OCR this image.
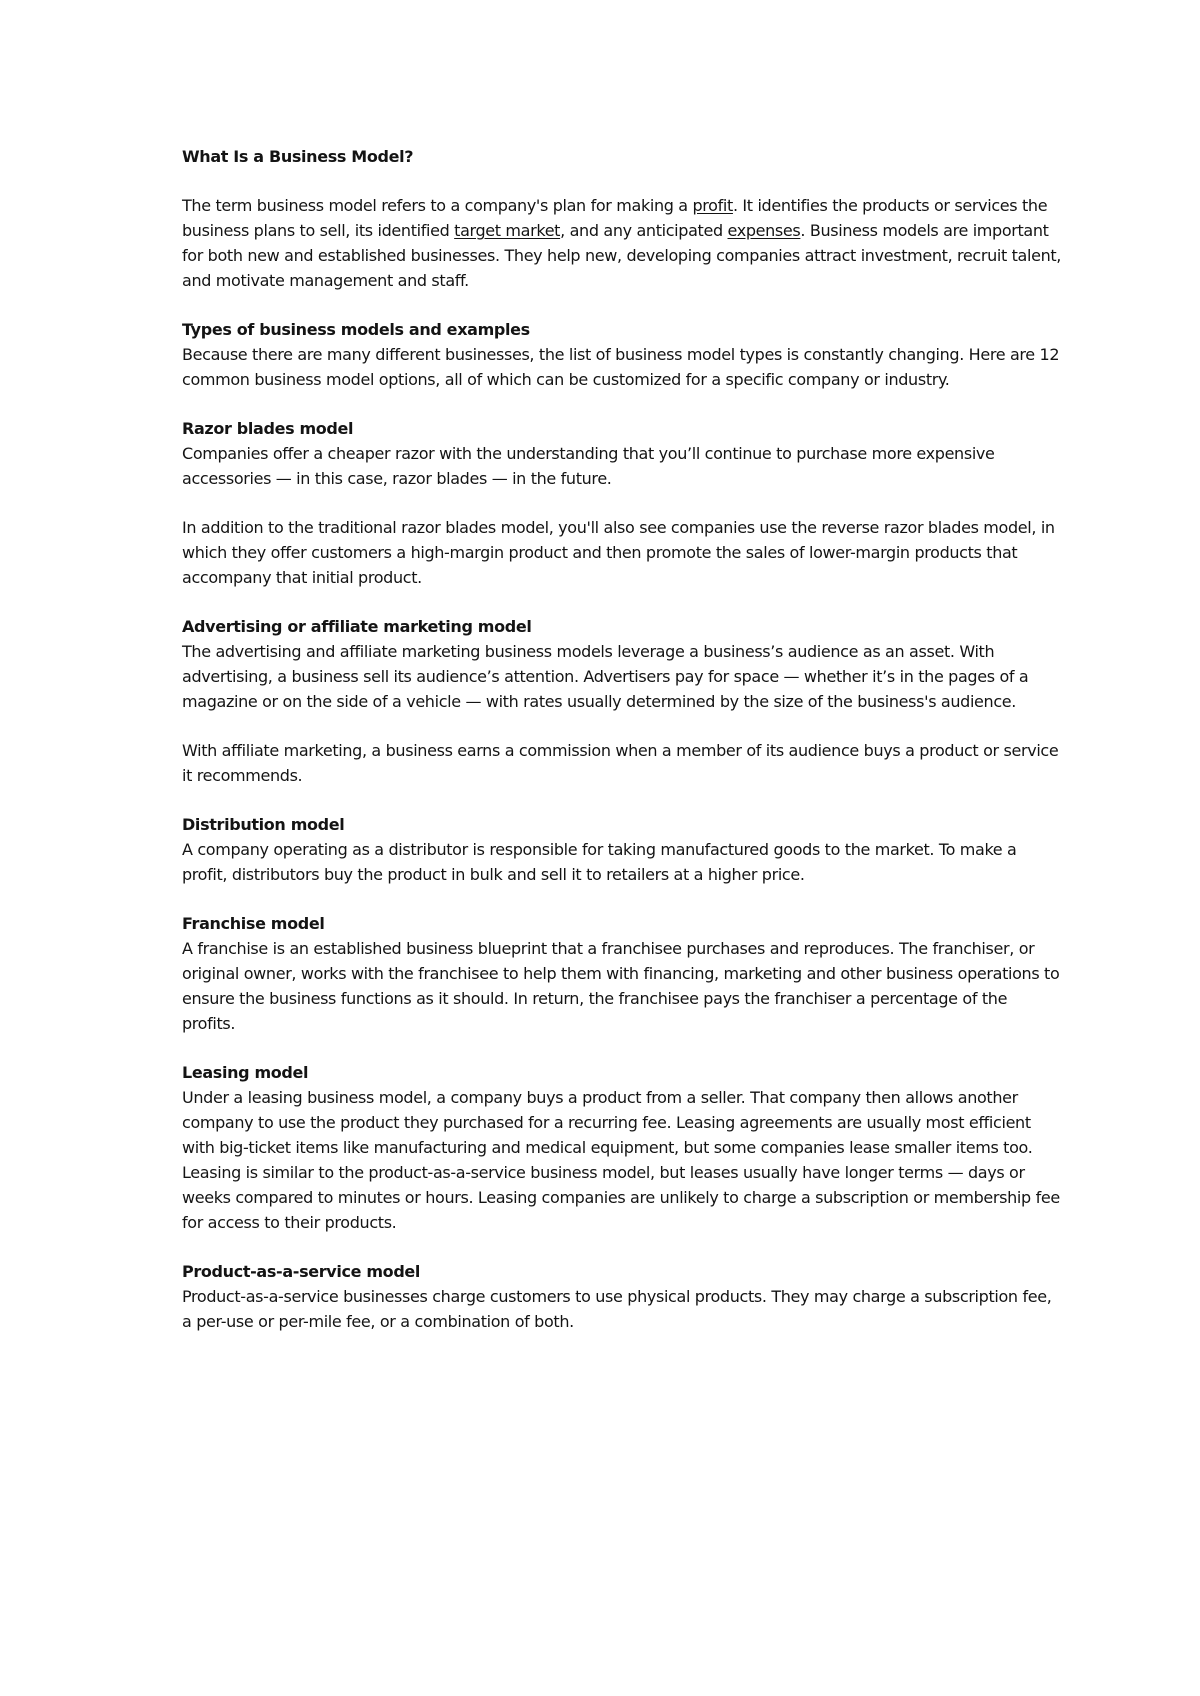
What Is a Business Model?

The term business model refers to a company's plan for making a profit. It identifies the products or services the business plans to sell, its identified target market, and any anticipated expenses. Business models are important for both new and established businesses. They help new, developing companies attract investment, recruit talent, and motivate management and staff.

Types of business models and examples

Because there are many different businesses, the list of business model types is constantly changing. Here are 12 common business model options, all of which can be customized for a specific company or industry.

Razor blades model

Companies offer a cheaper razor with the understanding that you’ll continue to purchase more expensive accessories — in this case, razor blades — in the future.

In addition to the traditional razor blades model, you'll also see companies use the reverse razor blades model, in which they offer customers a high-margin product and then promote the sales of lower-margin products that accompany that initial product.

Advertising or affiliate marketing model

The advertising and affiliate marketing business models leverage a business’s audience as an asset. With advertising, a business sell its audience’s attention. Advertisers pay for space — whether it’s in the pages of a magazine or on the side of a vehicle — with rates usually determined by the size of the business's audience.

With affiliate marketing, a business earns a commission when a member of its audience buys a product or service it recommends.

Distribution model

A company operating as a distributor is responsible for taking manufactured goods to the market. To make a profit, distributors buy the product in bulk and sell it to retailers at a higher price.

Franchise model

A franchise is an established business blueprint that a franchisee purchases and reproduces. The franchiser, or original owner, works with the franchisee to help them with financing, marketing and other business operations to ensure the business functions as it should. In return, the franchisee pays the franchiser a percentage of the profits.

Leasing model

Under a leasing business model, a company buys a product from a seller. That company then allows another company to use the product they purchased for a recurring fee. Leasing agreements are usually most efficient with big-ticket items like manufacturing and medical equipment, but some companies lease smaller items too.

Leasing is similar to the product-as-a-service business model, but leases usually have longer terms — days or weeks compared to minutes or hours. Leasing companies are unlikely to charge a subscription or membership fee for access to their products.

Product-as-a-service model

Product-as-a-service businesses charge customers to use physical products. They may charge a subscription fee, a per-use or per-mile fee, or a combination of both.
